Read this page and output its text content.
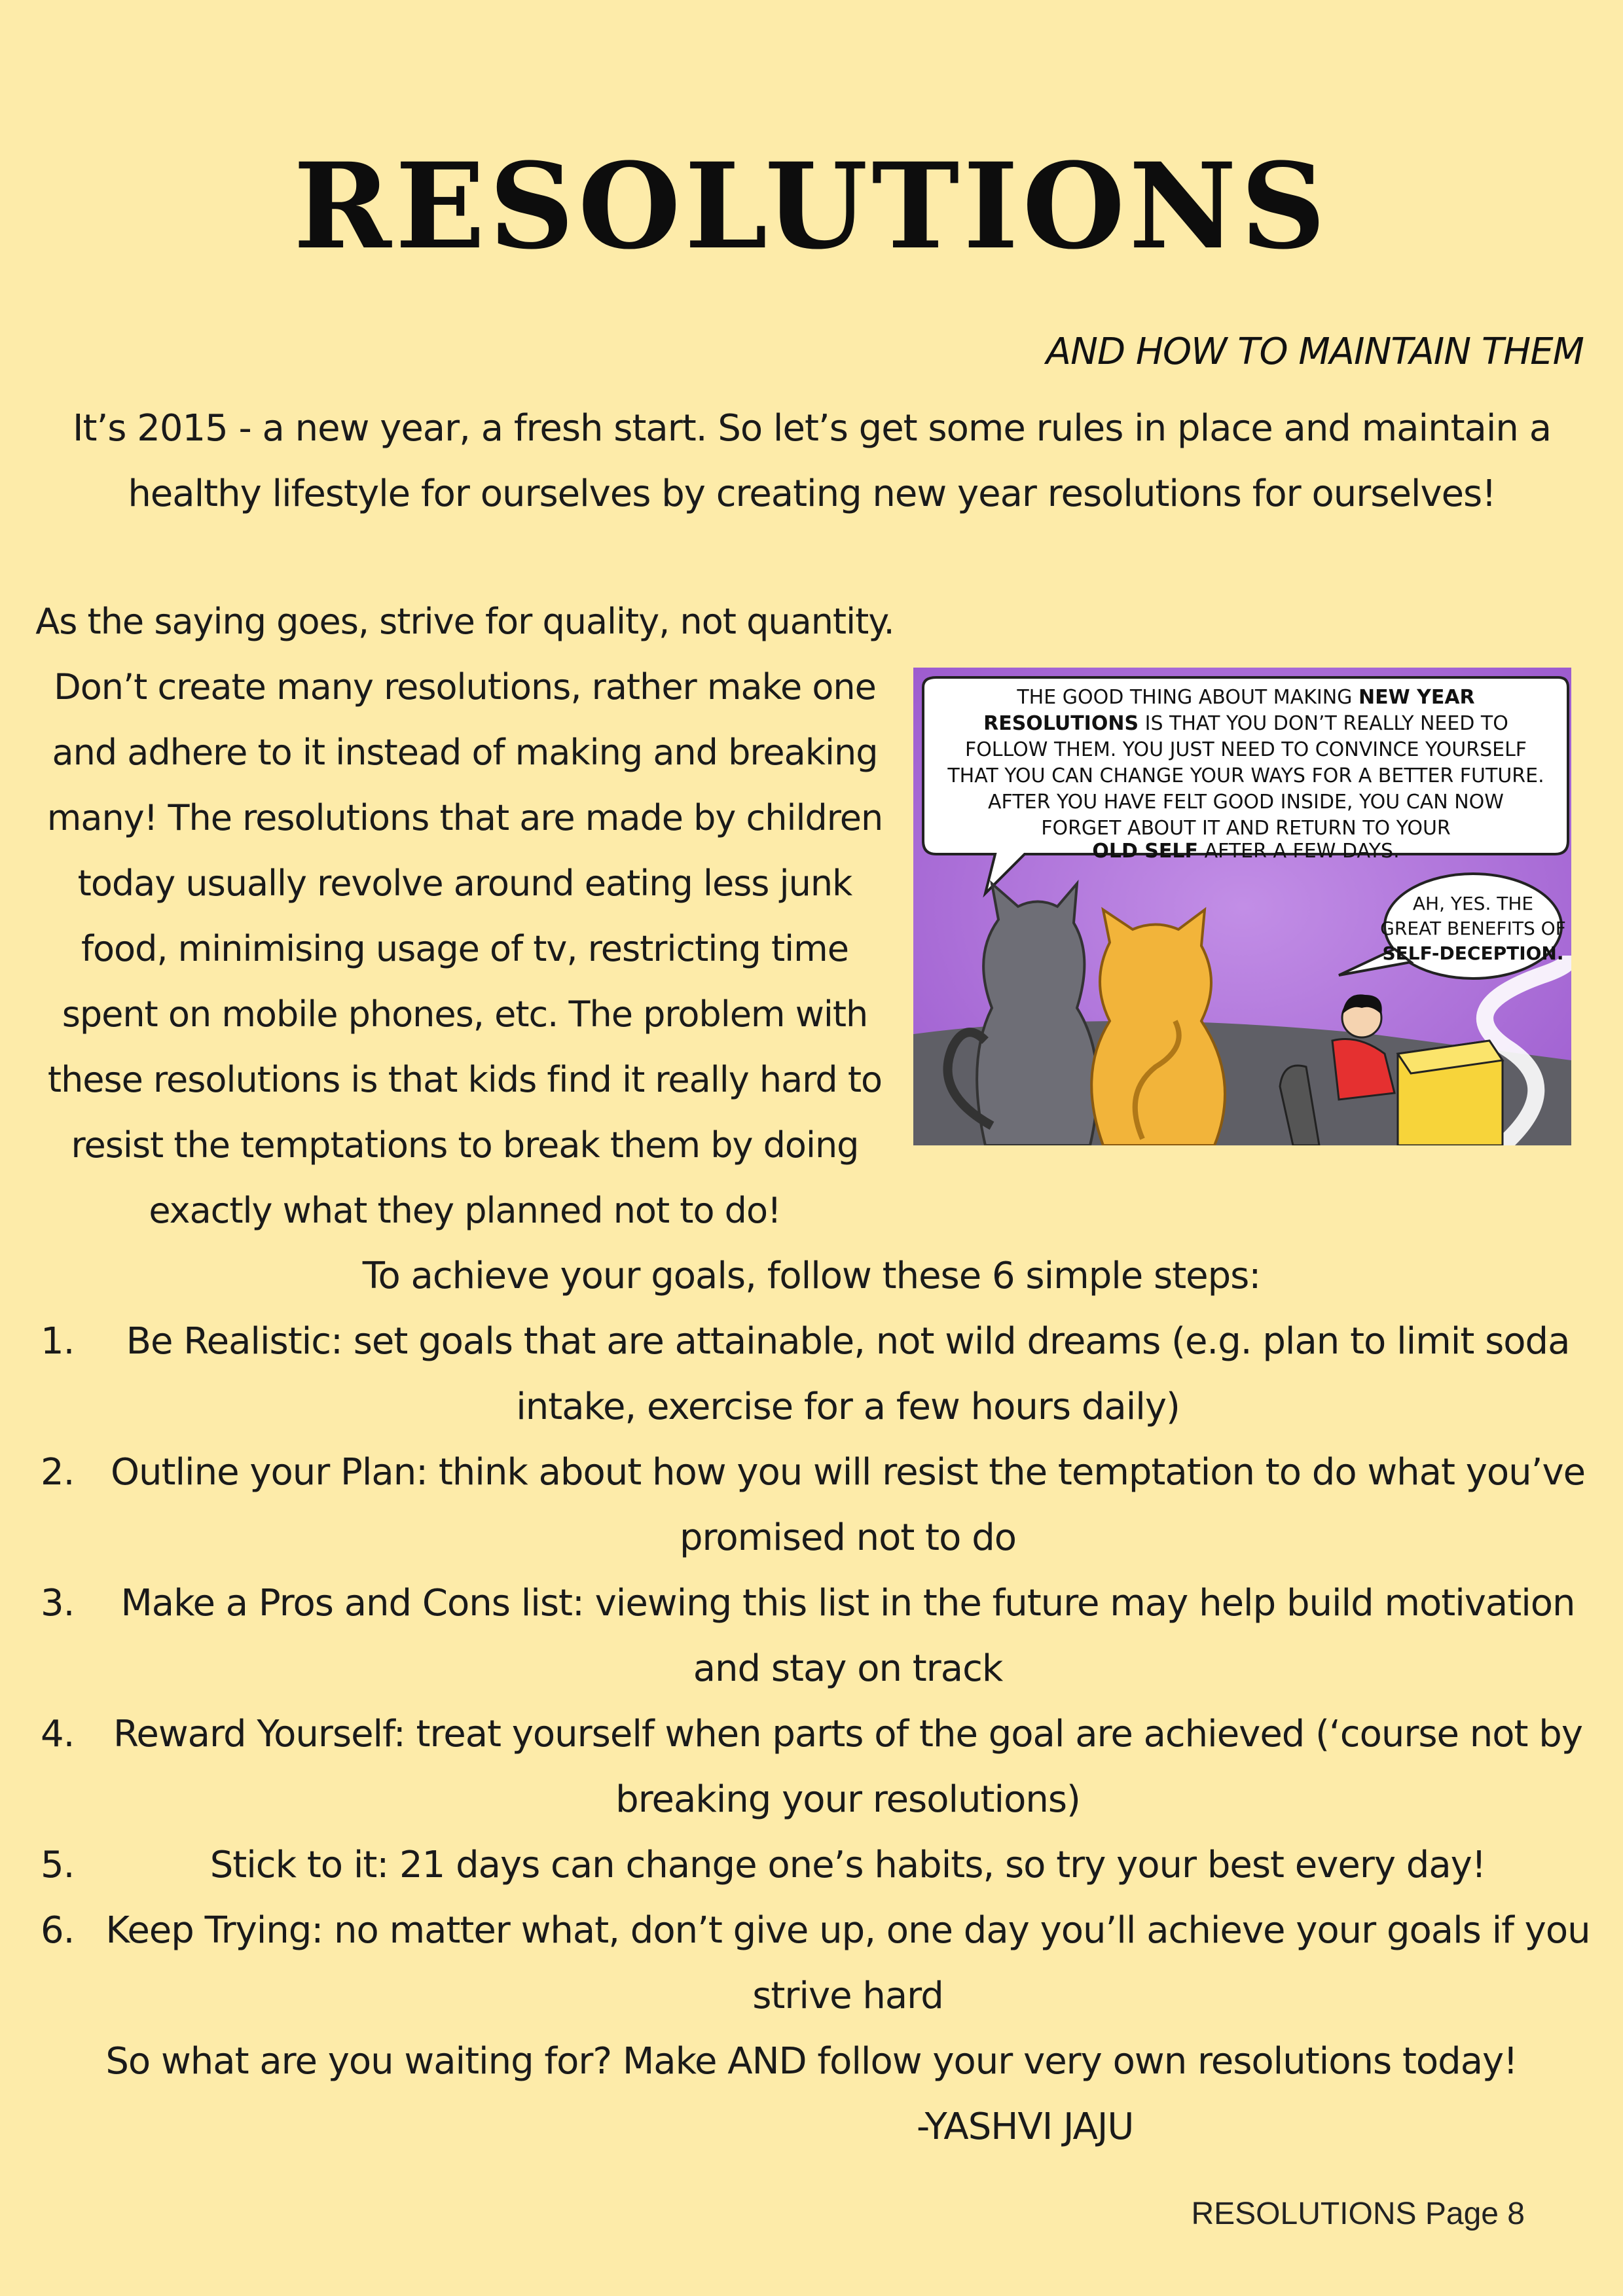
RESOLUTIONS
AND HOW TO MAINTAIN THEM
It’s 2015 - a new year, a fresh start. So let’s get some rules in place and maintain a healthy lifestyle for ourselves by creating new year resolutions for ourselves!
As the saying goes, strive for quality, not quantity. Don’t create many resolutions, rather make one and adhere to it instead of making and breaking many! The resolutions that are made by children today usually revolve around eating less junk food, minimising usage of tv, restricting time spent on mobile phones, etc. The problem with these resolutions is that kids find it really hard to resist the temptations to break them by doing exactly what they planned not to do!
THE GOOD THING ABOUT MAKING NEW YEAR
RESOLUTIONS IS THAT YOU DON’T REALLY NEED TO
FOLLOW THEM. YOU JUST NEED TO CONVINCE YOURSELF
THAT YOU CAN CHANGE YOUR WAYS FOR A BETTER FUTURE.
AFTER YOU HAVE FELT GOOD INSIDE, YOU CAN NOW
FORGET ABOUT IT AND RETURN TO YOUR
OLD SELF AFTER A FEW DAYS.
AH, YES. THE
GREAT BENEFITS OF
SELF-DECEPTION.
To achieve your goals, follow these 6 simple steps:
1.	Be Realistic: set goals that are attainable, not wild dreams (e.g. plan to limit soda intake, exercise for a few hours daily)
2. Outline your Plan: think about how you will resist the temptation to do what you’ve promised not to do
3.	Make a Pros and Cons list: viewing this list in the future may help build motivation and stay on track
4. Reward Yourself: treat yourself when parts of the goal are achieved (‘course not by breaking your resolutions)
5.	Stick to it: 21 days can change one’s habits, so try your best every day!
6. Keep Trying: no matter what, don’t give up, one day you’ll achieve your goals if you strive hard
So what are you waiting for? Make AND follow your very own resolutions today!
-YASHVI JAJU
RESOLUTIONS Page 8
